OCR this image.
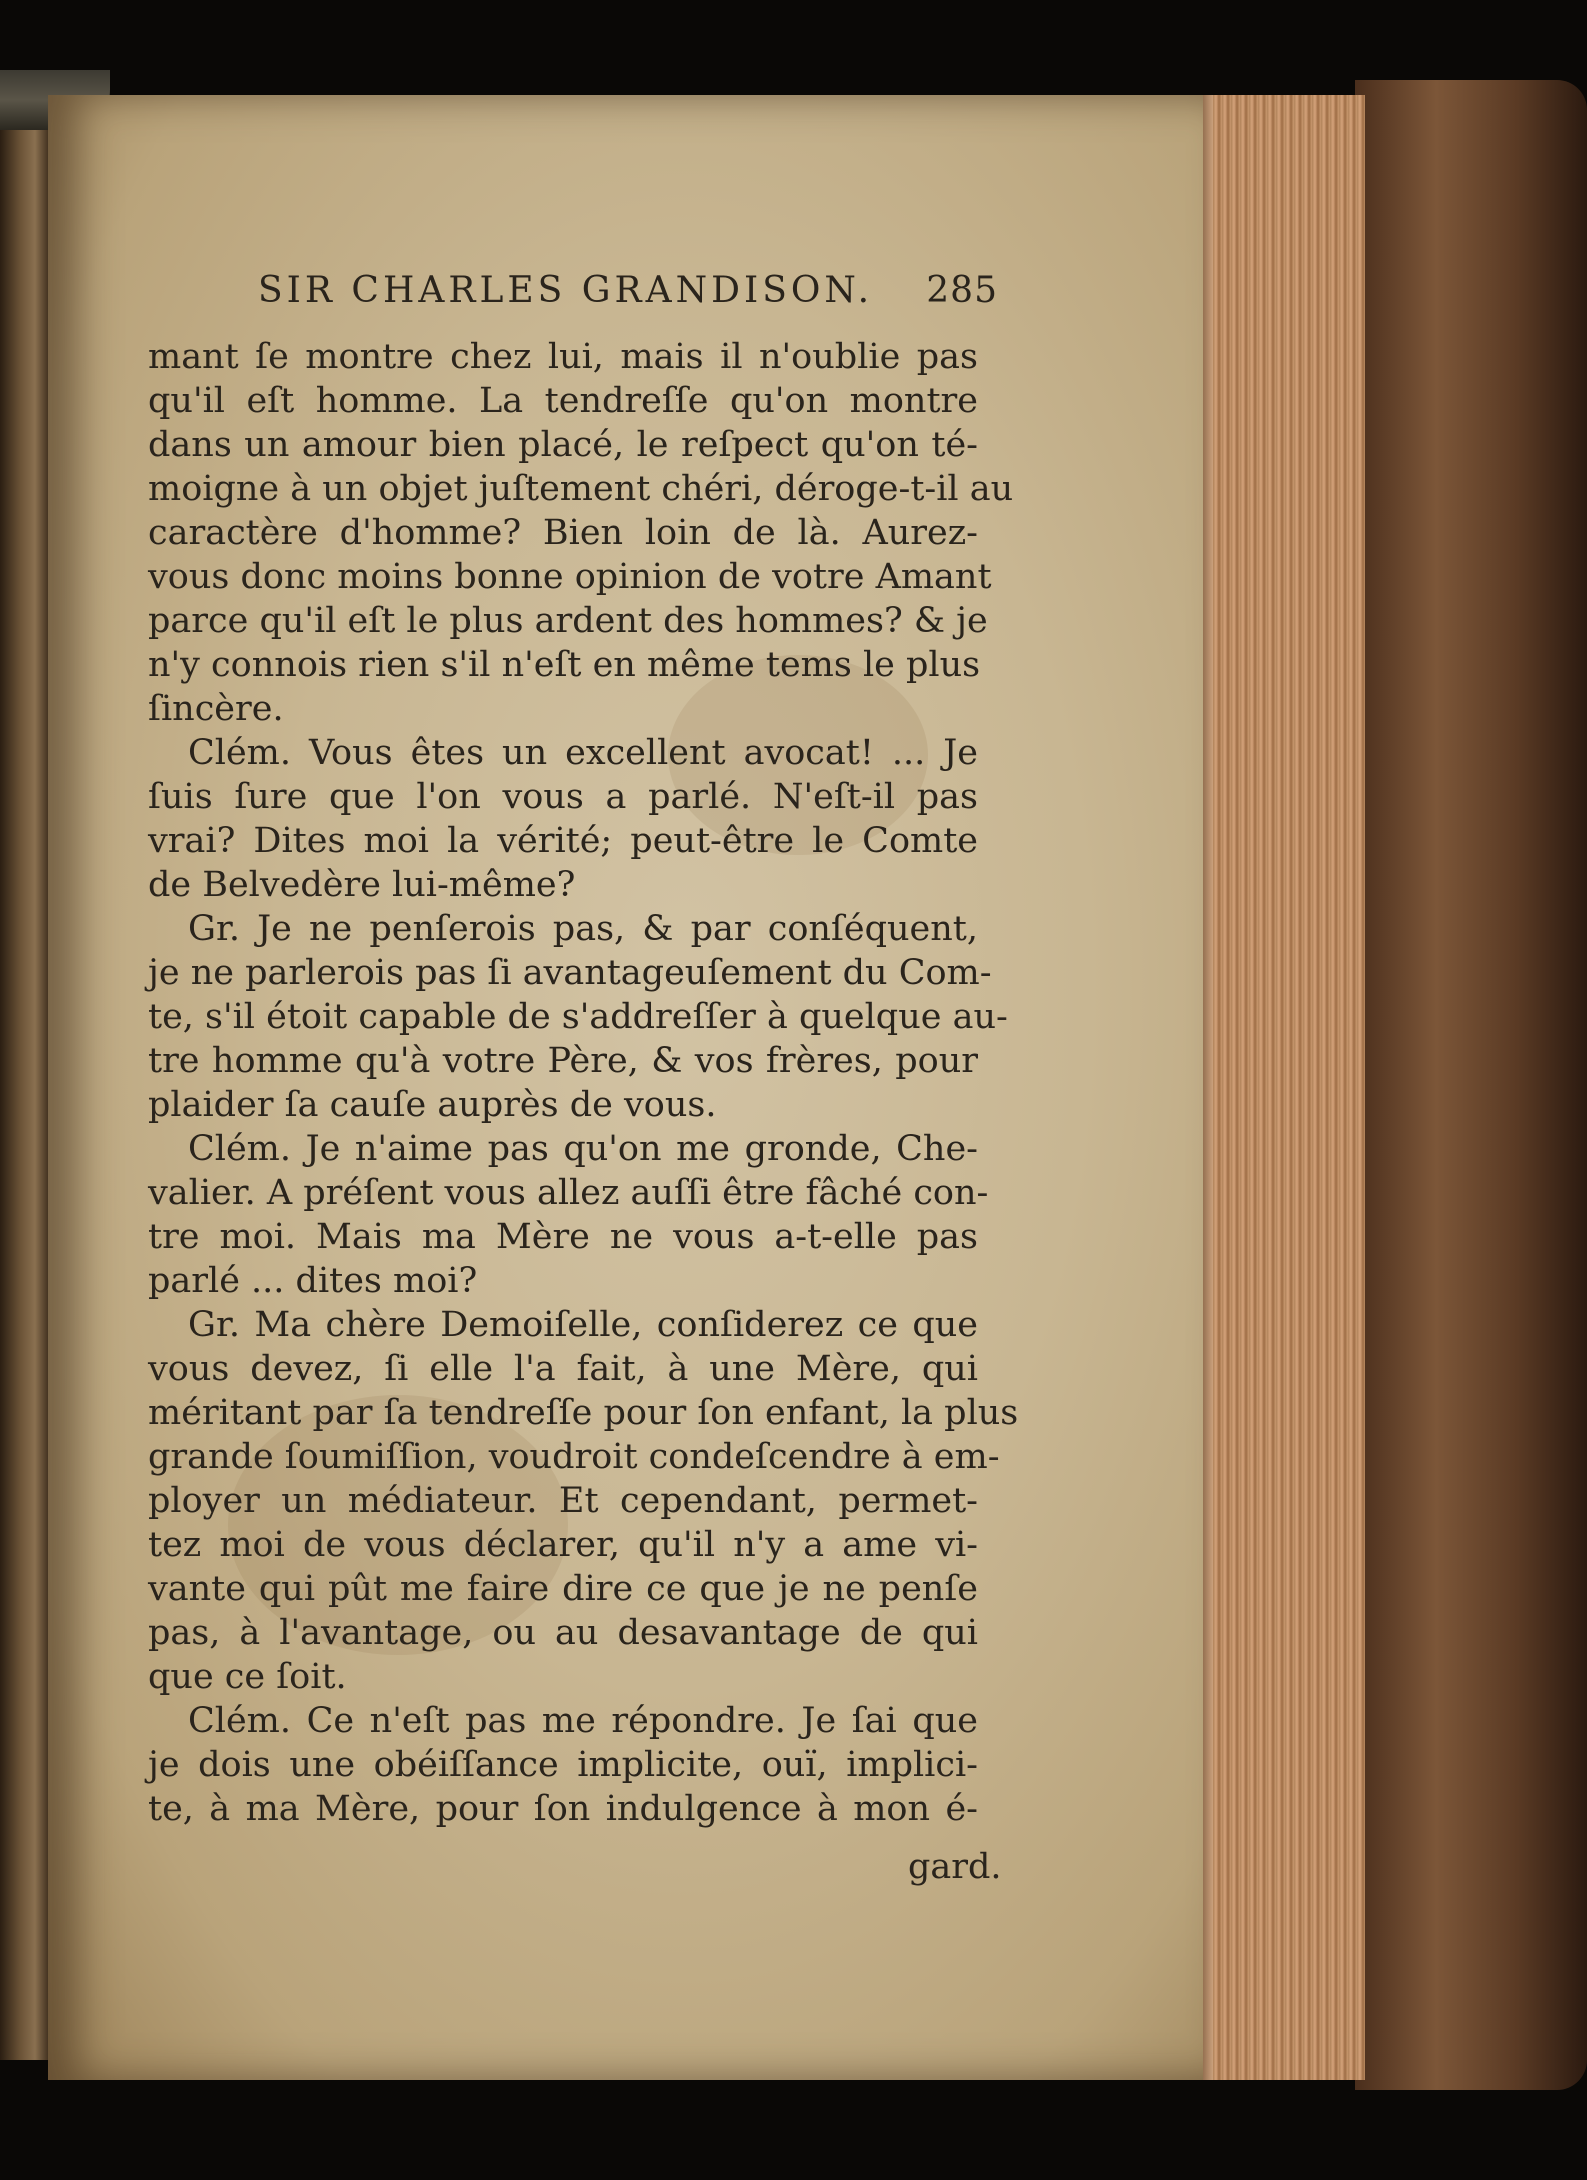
SIR CHARLES GRANDISON. 285
mant ſe montre chez lui, mais il n'oublie pas
qu'il eſt homme. La tendreſſe qu'on montre
dans un amour bien placé, le reſpect qu'on té-
moigne à un objet juſtement chéri, déroge-t-il au
caractère d'homme? Bien loin de là. Aurez-
vous donc moins bonne opinion de votre Amant
parce qu'il eſt le plus ardent des hommes? & je
n'y connois rien s'il n'eſt en même tems le plus
ſincère.
Clém. Vous êtes un excellent avocat! ... Je
ſuis ſure que l'on vous a parlé. N'eſt-il pas
vrai? Dites moi la vérité; peut-être le Comte
de Belvedère lui-même?
Gr. Je ne penſerois pas, & par conſéquent,
je ne parlerois pas ſi avantageuſement du Com-
te, s'il étoit capable de s'addreſſer à quelque au-
tre homme qu'à votre Père, & vos frères, pour
plaider ſa cauſe auprès de vous.
Clém. Je n'aime pas qu'on me gronde, Che-
valier. A préſent vous allez auſſi être fâché con-
tre moi. Mais ma Mère ne vous a-t-elle pas
parlé ... dites moi?
Gr. Ma chère Demoiſelle, conſiderez ce que
vous devez, ſi elle l'a fait, à une Mère, qui
méritant par ſa tendreſſe pour ſon enfant, la plus
grande ſoumiſſion, voudroit condeſcendre à em-
ployer un médiateur. Et cependant, permet-
tez moi de vous déclarer, qu'il n'y a ame vi-
vante qui pût me faire dire ce que je ne penſe
pas, à l'avantage, ou au desavantage de qui
que ce ſoit.
Clém. Ce n'eſt pas me répondre. Je ſai que
je dois une obéiſſance implicite, ouï, implici-
te, à ma Mère, pour ſon indulgence à mon é-
gard.
